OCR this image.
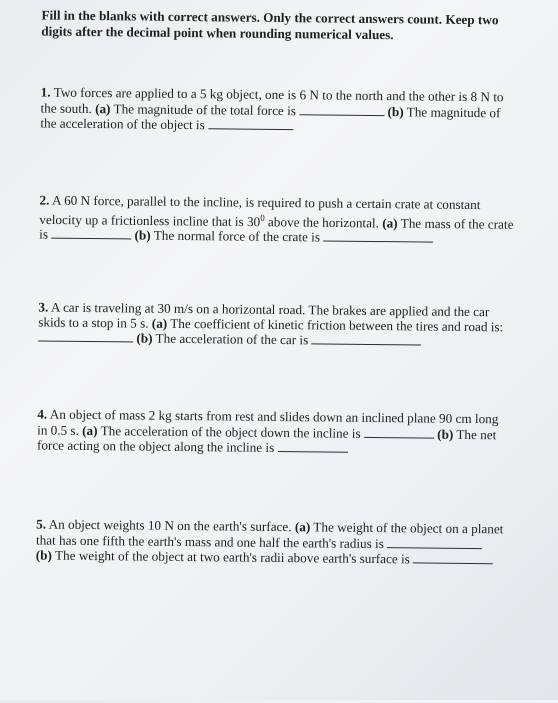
Fill in the blanks with correct answers. Only the correct answers count. Keep two digits after the decimal point when rounding numerical values.
1. Two forces are applied to a 5 kg object, one is 6 N to the north and the other is 8 N to
the south. (a) The magnitude of the total force is	(b) The magnitude of
the acceleration of the object is
2. A 60 N force, parallel to the incline, is required to push a certain crate at constant
velocity up a frictionless incline that is $30^0$ above the horizontal. (a) The mass of the crate
is	(b) The normal force of the crate is
3. A car is traveling at 30 m/s on a horizontal road. The brakes are applied and the car
skids to a stop in 5 s. (a) The coefficient of kinetic friction between the tires and road is:
(b) The acceleration of the car is
4. An object of mass 2 kg starts from rest and slides down an inclined plane 90 cm long
in 0.5 s. (a) The acceleration of the object down the incline is	(b) The net
force acting on the object along the incline is
5. An object weights 10 N on the earth's surface. (a) The weight of the object on a planet
that has one fifth the earth's mass and one half the earth's radius is
(b) The weight of the object at two earth's radii above earth's surface is
